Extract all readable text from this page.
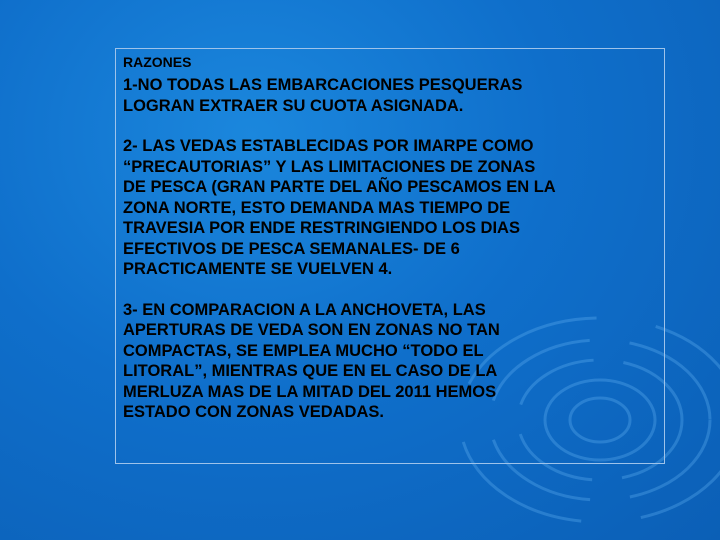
RAZONES
1-NO TODAS LAS EMBARCACIONES PESQUERAS
LOGRAN EXTRAER SU CUOTA ASIGNADA.
2- LAS VEDAS ESTABLECIDAS POR IMARPE COMO
“PRECAUTORIAS” Y LAS LIMITACIONES DE ZONAS
DE PESCA (GRAN PARTE DEL AÑO PESCAMOS EN LA
ZONA NORTE, ESTO DEMANDA MAS TIEMPO DE
TRAVESIA POR ENDE RESTRINGIENDO LOS DIAS
EFECTIVOS DE PESCA SEMANALES- DE 6
PRACTICAMENTE SE VUELVEN 4.
3- EN COMPARACION A LA ANCHOVETA, LAS
APERTURAS DE VEDA SON EN ZONAS NO TAN
COMPACTAS, SE EMPLEA MUCHO “TODO EL
LITORAL”, MIENTRAS QUE EN EL CASO DE LA
MERLUZA MAS DE LA MITAD DEL 2011 HEMOS
ESTADO CON ZONAS VEDADAS.
